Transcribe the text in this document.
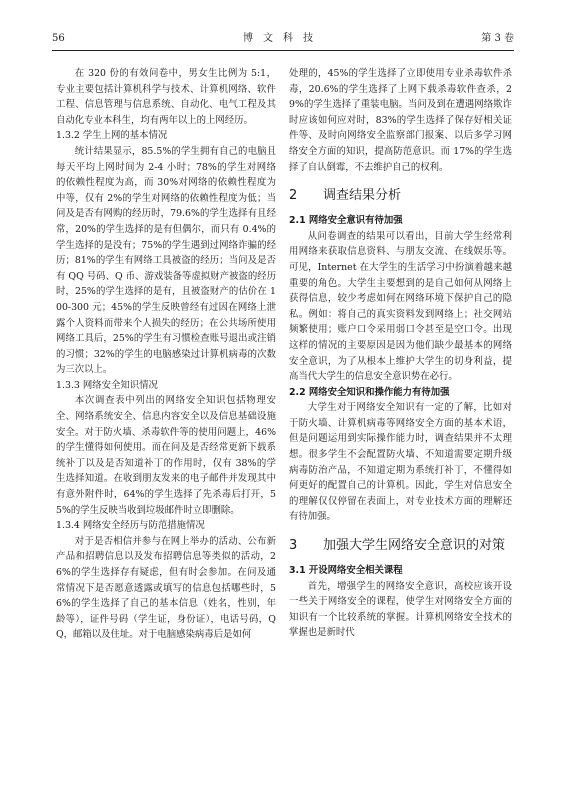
56	博文科技	第 3 卷

在 320 份的有效问卷中，男女生比例为 5:1，专业主要包括计算机科学与技术、计算机网络、软件工程、信息管理与信息系统、自动化、电气工程及其自动化专业本科生，均有两年以上的上网经历。

1.3.2 学生上网的基本情况

统计结果显示，85.5%的学生拥有自己的电脑且每天平均上网时间为 2-4 小时；78%的学生对网络的依赖性程度为高，而 30%对网络的依赖性程度为中等，仅有 2%的学生对网络的依赖性程度为低；当问及是否有网购的经历时，79.6%的学生选择有且经常，20%的学生选择的是有但偶尔，而只有 0.4%的学生选择的是没有；75%的学生遇到过网络诈骗的经历；81%的学生有网络工具被盗的经历；当问及是否有 QQ 号码、Q 币、游戏装备等虚拟财产被盗的经历时，25%的学生选择的是有，且被盗财产的估价在 100-300 元；45%的学生反映曾经有过因在网络上泄露个人资料而带来个人损失的经历；在公共场所使用网络工具后，25%的学生有习惯检查账号退出或注销的习惯；32%的学生的电脑感染过计算机病毒的次数为三次以上。

1.3.3 网络安全知识情况

本次调查表中列出的网络安全知识包括物理安全、网络系统安全、信息内容安全以及信息基础设施安全。对于防火墙、杀毒软件等的使用问题上，46%的学生懂得如何使用。而在问及是否经常更新下载系统补丁以及是否知道补丁的作用时，仅有 38%的学生选择知道。在收到朋友发来的电子邮件并发现其中有意外附件时，64%的学生选择了先杀毒后打开，55%的学生反映当收到垃圾邮件时立即删除。

1.3.4 网络安全经历与防范措施情况

对于是否相信并参与在网上举办的活动、公布新产品和招聘信息以及发布招聘信息等类似的活动，26%的学生选择存有疑虑，但有时会参加。在问及通常情况下是否愿意透露或填写的信息包括哪些时，56%的学生选择了自己的基本信息（姓名，性别，年龄等），证件号码（学生证，身份证），电话号码，QQ，邮箱以及住址。对于电脑感染病毒后是如何

处理的，45%的学生选择了立即使用专业杀毒软件杀毒，20.6%的学生选择了上网下载杀毒软件查杀，29%的学生选择了重装电脑。当问及到在遭遇网络欺诈时应该如何应对时，83%的学生选择了保存好相关证件等、及时向网络安全监察部门报案、以后多学习网络安全方面的知识，提高防范意识。而 17%的学生选择了自认倒霉，不去维护自己的权利。

2	调查结果分析

2.1 网络安全意识有待加强

从问卷调查的结果可以看出，目前大学生经常利用网络来获取信息资料、与朋友交流、在线娱乐等。可见，Internet 在大学生的生活学习中扮演着越来越重要的角色。大学生主要想到的是自己如何从网络上获得信息，较少考虑如何在网络环境下保护自己的隐私。例如：将自己的真实资料发到网络上；社交网站频繁使用；账户口令采用弱口令甚至是空口令。出现这样的情况的主要原因是因为他们缺少最基本的网络安全意识，为了从根本上维护大学生的切身利益，提高当代大学生的信息安全意识势在必行。

2.2 网络安全知识和操作能力有待加强

大学生对于网络安全知识有一定的了解，比如对于防火墙、计算机病毒等网络安全方面的基本术语，但是问题运用到实际操作能力时，调查结果并不太理想。很多学生不会配置防火墙、不知道需要定期升级病毒防治产品，不知道定期为系统打补丁，不懂得如何更好的配置自己的计算机。因此，学生对信息安全的理解仅仅停留在表面上，对专业技术方面的理解还有待加强。

3	加强大学生网络安全意识的对策

3.1 开设网络安全相关课程

首先，增强学生的网络安全意识，高校应该开设一些关于网络安全的课程，使学生对网络安全方面的知识有一个比较系统的掌握。计算机网络安全技术的掌握也是新时代
